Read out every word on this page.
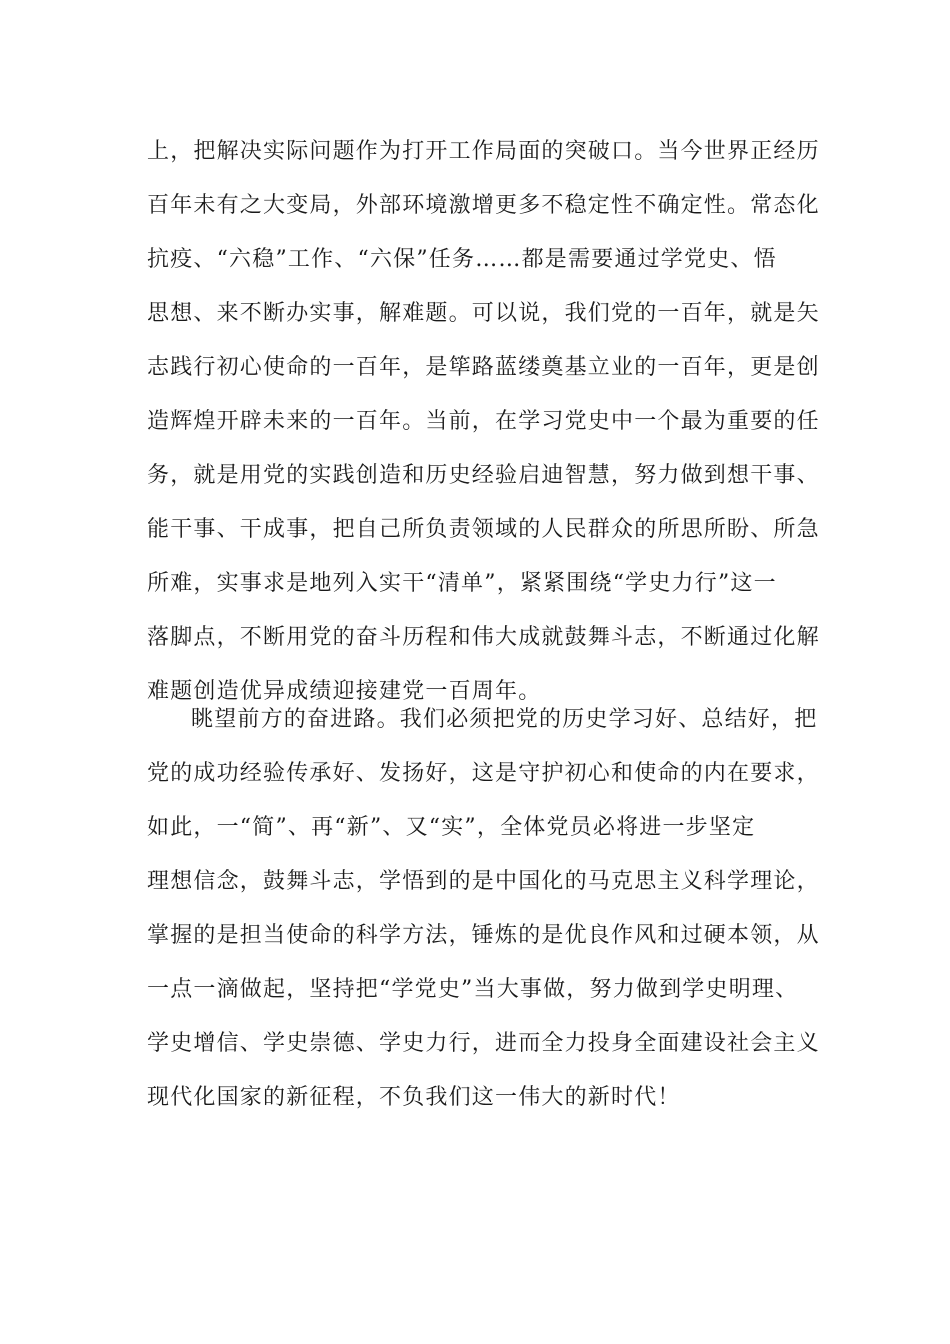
上，把解决实际问题作为打开工作局面的突破口。当今世界正经历
百年未有之大变局，外部环境激增更多不稳定性不确定性。常态化
抗疫、“六稳”工作、“六保”任务……都是需要通过学党史、悟
思想、来不断办实事，解难题。可以说，我们党的一百年，就是矢
志践行初心使命的一百年，是筚路蓝缕奠基立业的一百年，更是创
造辉煌开辟未来的一百年。当前，在学习党史中一个最为重要的任
务，就是用党的实践创造和历史经验启迪智慧，努力做到想干事、
能干事、干成事，把自己所负责领域的人民群众的所思所盼、所急
所难，实事求是地列入实干“清单”，紧紧围绕“学史力行”这一
落脚点，不断用党的奋斗历程和伟大成就鼓舞斗志，不断通过化解
难题创造优异成绩迎接建党一百周年。
眺望前方的奋进路。我们必须把党的历史学习好、总结好，把
党的成功经验传承好、发扬好，这是守护初心和使命的内在要求，
如此，一“简”、再“新”、又“实”，全体党员必将进一步坚定
理想信念，鼓舞斗志，学悟到的是中国化的马克思主义科学理论，
掌握的是担当使命的科学方法，锤炼的是优良作风和过硬本领，从
一点一滴做起，坚持把“学党史”当大事做，努力做到学史明理、
学史增信、学史崇德、学史力行，进而全力投身全面建设社会主义
现代化国家的新征程，不负我们这一伟大的新时代！
